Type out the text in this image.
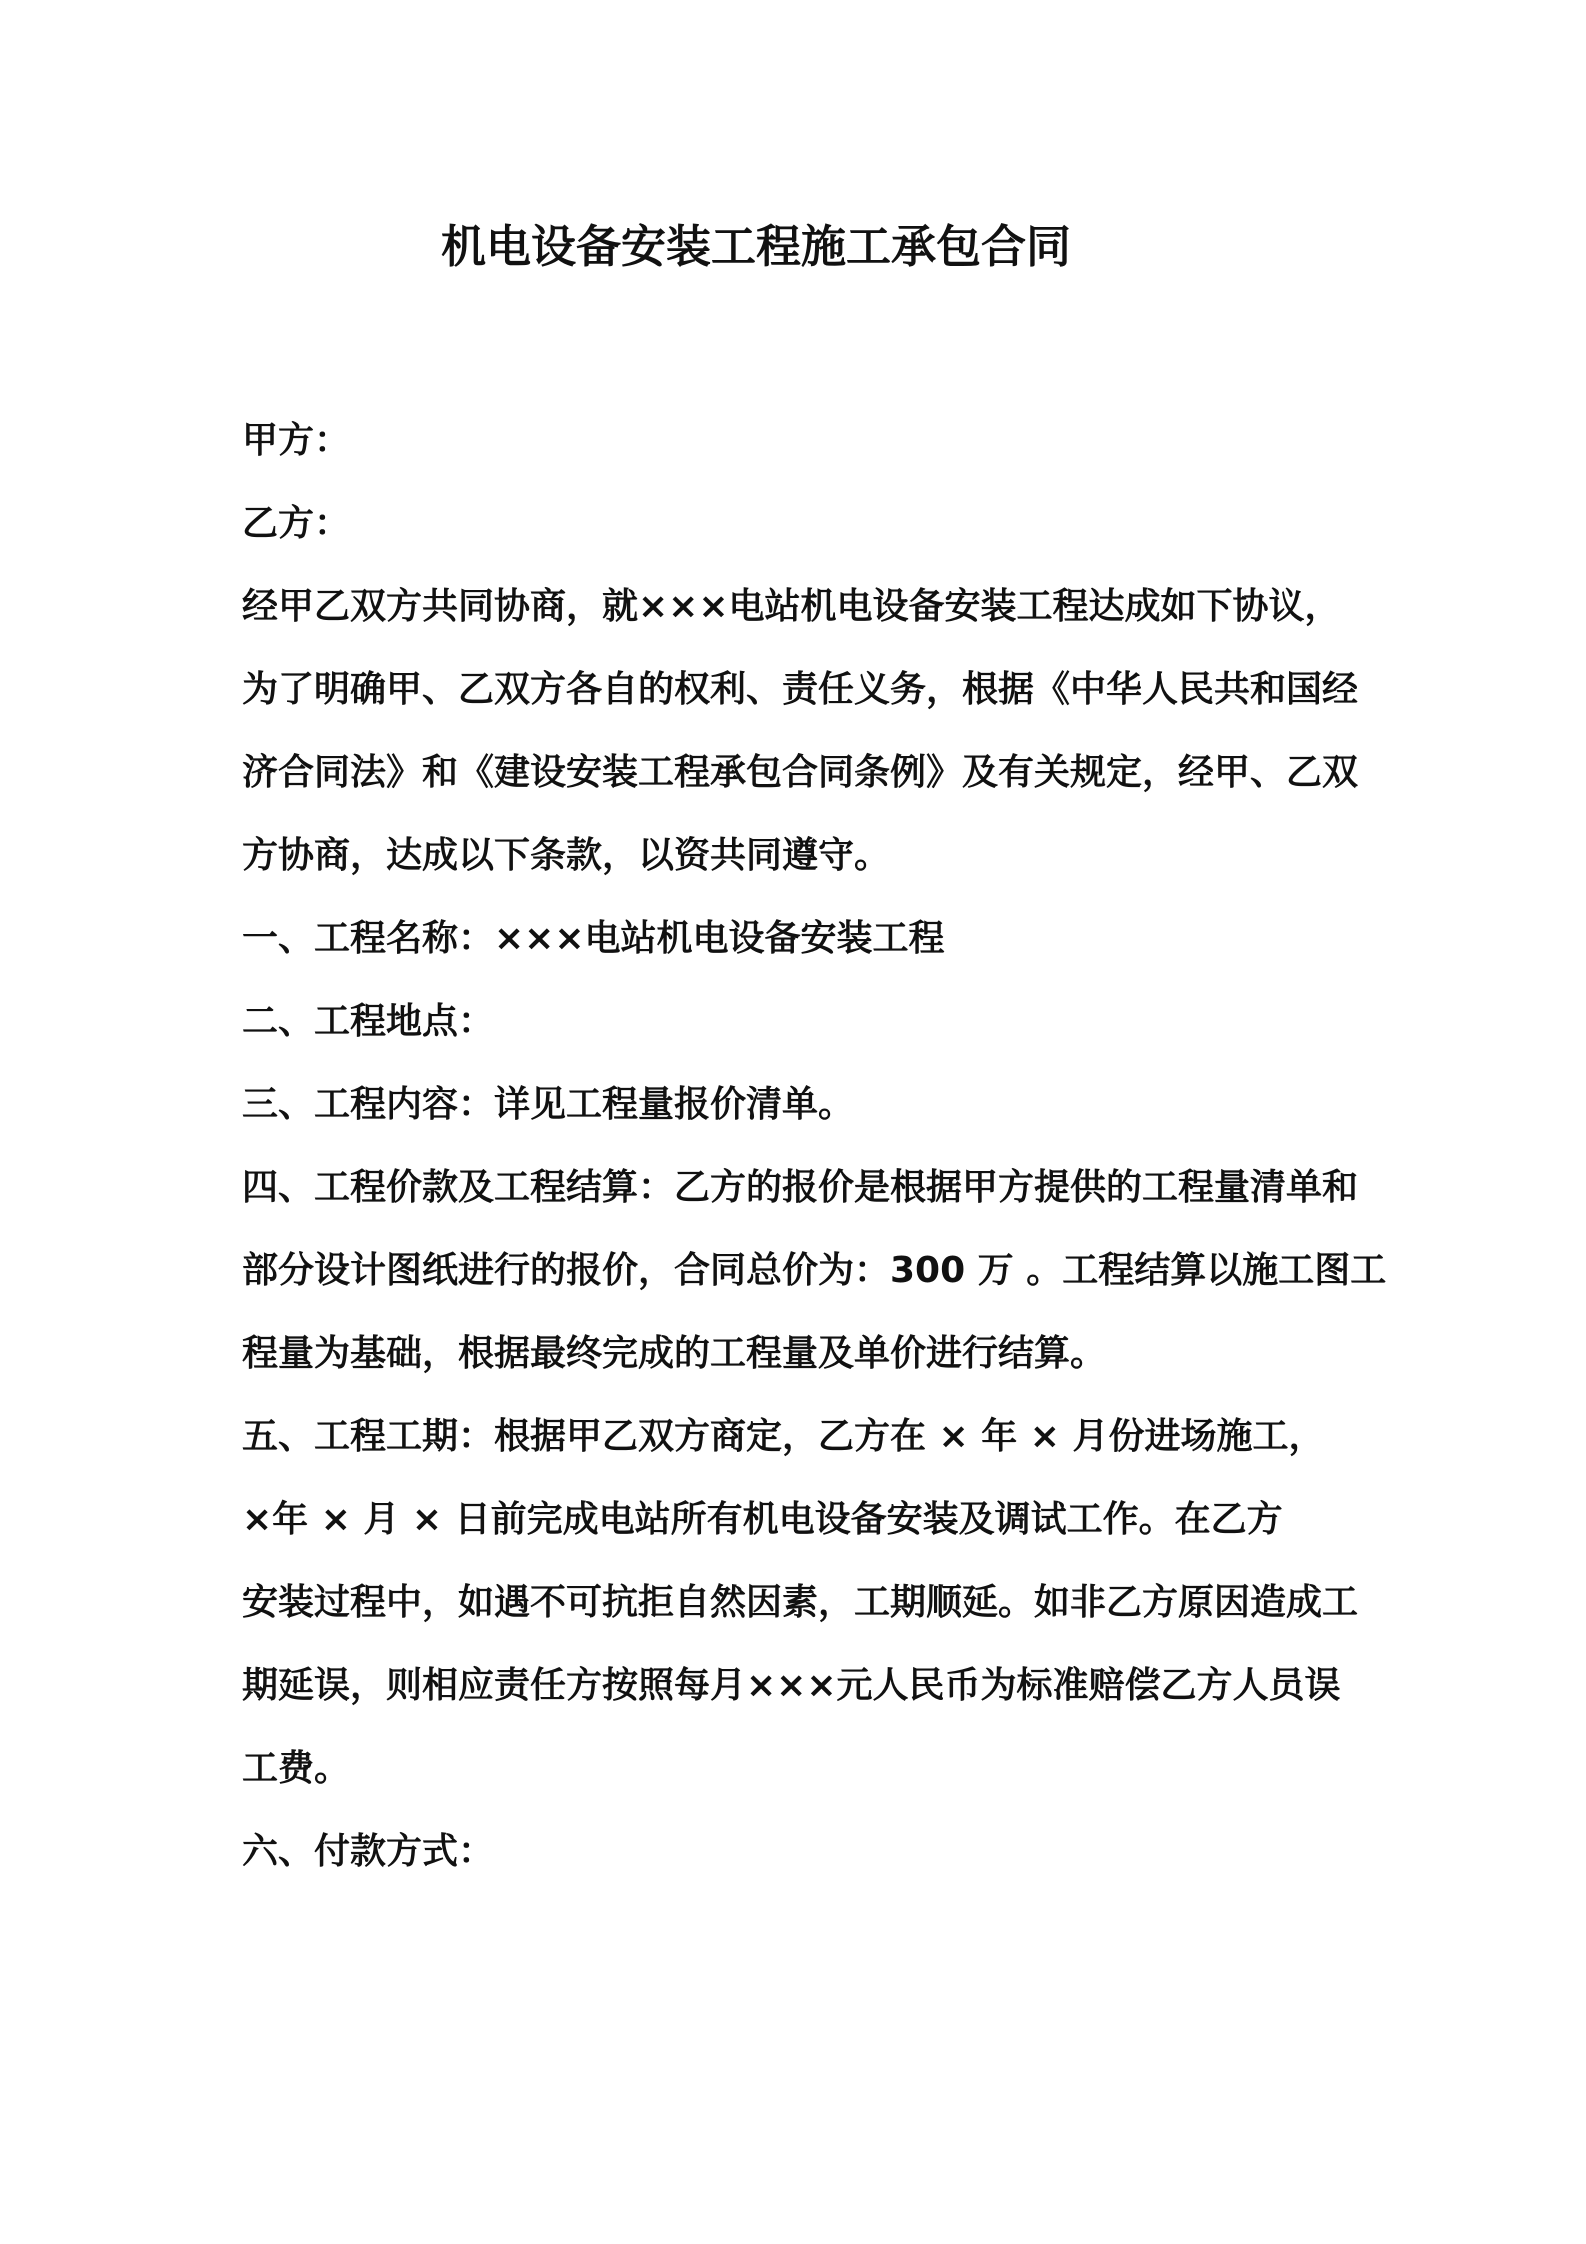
机电设备安装工程施工承包合同
甲方：
乙方：
经甲乙双方共同协商，就×××电站机电设备安装工程达成如下协议，
为了明确甲、乙双方各自的权利、责任义务，根据《中华人民共和国经
济合同法》和《建设安装工程承包合同条例》及有关规定，经甲、乙双
方协商，达成以下条款，以资共同遵守。
一、工程名称：×××电站机电设备安装工程
二、工程地点：
三、工程内容：详见工程量报价清单。
四、工程价款及工程结算：乙方的报价是根据甲方提供的工程量清单和
部分设计图纸进行的报价，合同总价为：300 万 。工程结算以施工图工
程量为基础，根据最终完成的工程量及单价进行结算。
五、工程工期：根据甲乙双方商定，乙方在 × 年 × 月份进场施工，
×年 × 月 × 日前完成电站所有机电设备安装及调试工作。在乙方
安装过程中，如遇不可抗拒自然因素，工期顺延。如非乙方原因造成工
期延误，则相应责任方按照每月×××元人民币为标准赔偿乙方人员误
工费。
六、付款方式：
